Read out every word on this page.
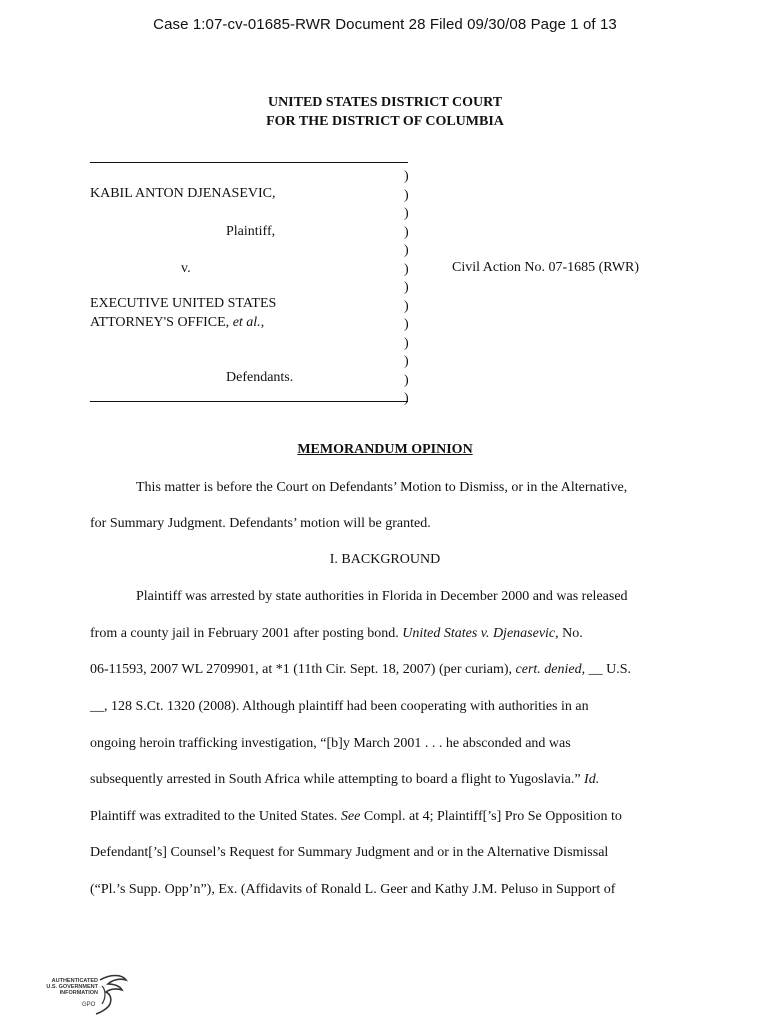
Case 1:07-cv-01685-RWR Document 28 Filed 09/30/08 Page 1 of 13
UNITED STATES DISTRICT COURT
FOR THE DISTRICT OF COLUMBIA
)
)
)
)
)
)
)
)
)
)
)
)
)
KABIL ANTON DJENASEVIC,
Plaintiff,
v.	Civil Action No. 07-1685 (RWR)
EXECUTIVE UNITED STATES
ATTORNEY'S OFFICE, et al.,
Defendants.
MEMORANDUM OPINION
This matter is before the Court on Defendants’ Motion to Dismiss, or in the Alternative,
for Summary Judgment. Defendants’ motion will be granted.
I. BACKGROUND
Plaintiff was arrested by state authorities in Florida in December 2000 and was released
from a county jail in February 2001 after posting bond. United States v. Djenasevic, No.
06-11593, 2007 WL 2709901, at *1 (11th Cir. Sept. 18, 2007) (per curiam), cert. denied, __ U.S.
__, 128 S.Ct. 1320 (2008). Although plaintiff had been cooperating with authorities in an
ongoing heroin trafficking investigation, “[b]y March 2001 . . . he absconded and was
subsequently arrested in South Africa while attempting to board a flight to Yugoslavia.” Id.
Plaintiff was extradited to the United States. See Compl. at 4; Plaintiff[’s] Pro Se Opposition to
Defendant[’s] Counsel’s Request for Summary Judgment and or in the Alternative Dismissal
(“Pl.’s Supp. Opp’n”), Ex. (Affidavits of Ronald L. Geer and Kathy J.M. Peluso in Support of
AUTHENTICATED
U.S. GOVERNMENT
INFORMATION
GPO
